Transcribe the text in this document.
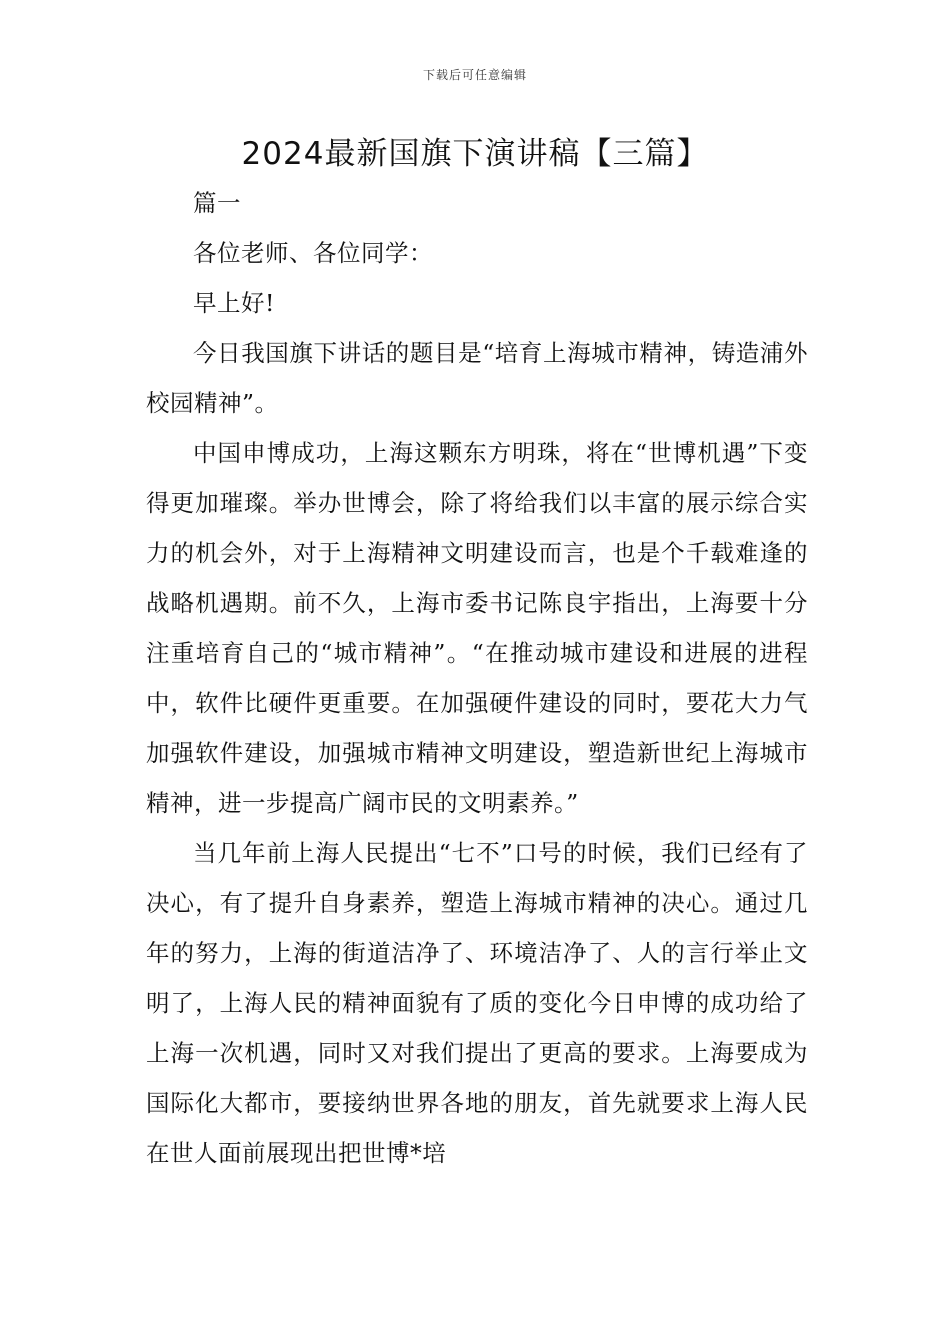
下载后可任意编辑
2024最新国旗下演讲稿【三篇】

篇一

各位老师、各位同学：

早上好!

今日我国旗下讲话的题目是“培育上海城市精神，铸造浦外校园精神”。

中国申博成功，上海这颗东方明珠，将在“世博机遇”下变得更加璀璨。举办世博会，除了将给我们以丰富的展示综合实力的机会外，对于上海精神文明建设而言，也是个千载难逢的战略机遇期。前不久，上海市委书记陈良宇指出，上海要十分注重培育自己的“城市精神”。“在推动城市建设和进展的进程中，软件比硬件更重要。在加强硬件建设的同时，要花大力气加强软件建设，加强城市精神文明建设，塑造新世纪上海城市精神，进一步提高广阔市民的文明素养。”

当几年前上海人民提出“七不”口号的时候，我们已经有了决心，有了提升自身素养，塑造上海城市精神的决心。通过几年的努力，上海的街道洁净了、环境洁净了、人的言行举止文明了，上海人民的精神面貌有了质的变化今日申博的成功给了上海一次机遇，同时又对我们提出了更高的要求。上海要成为国际化大都市，要接纳世界各地的朋友，首先就要求上海人民在世人面前展现出把世博*培
